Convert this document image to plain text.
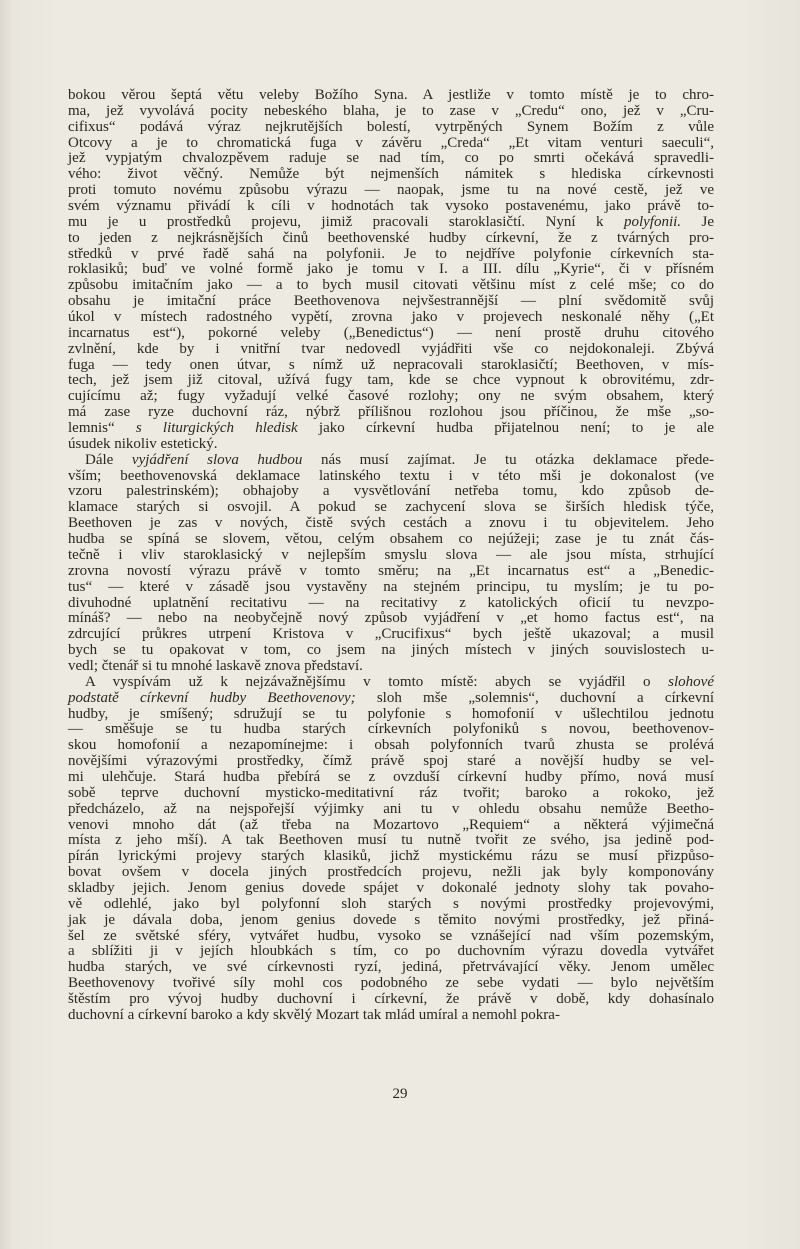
bokou věrou šeptá větu veleby Božího Syna. A jestliže v tomto místě je to chro-
ma, jež vyvolává pocity nebeského blaha, je to zase v „Credu“ ono, jež v „Cru-
cifixus“ podává výraz nejkrutějších bolestí, vytrpěných Synem Božím z vůle
Otcovy a je to chromatická fuga v závěru „Creda“ „Et vitam venturi saeculi“,
jež vypjatým chvalozpěvem raduje se nad tím, co po smrti očekává spravedli-
vého: život věčný. Nemůže být nejmenších námitek s hlediska církevnosti
proti tomuto novému způsobu výrazu — naopak, jsme tu na nové cestě, jež ve
svém významu přivádí k cíli v hodnotách tak vysoko postavenému, jako právě to-
mu je u prostředků projevu, jimiž pracovali staroklasičtí. Nyní k polyfonii. Je
to jeden z nejkrásnějších činů beethovenské hudby církevní, že z tvárných pro-
středků v prvé řadě sahá na polyfonii. Je to nejdříve polyfonie církevních sta-
roklasiků; buď ve volné formě jako je tomu v I. a III. dílu „Kyrie“, či v přísném
způsobu imitačním jako — a to bych musil citovati většinu míst z celé mše; co do
obsahu je imitační práce Beethovenova nejvšestrannější — plní svědomitě svůj
úkol v místech radostného vypětí, zrovna jako v projevech neskonalé něhy („Et
incarnatus est“), pokorné veleby („Benedictus“) — není prostě druhu citového
zvlnění, kde by i vnitřní tvar nedovedl vyjádřiti vše co nejdokonaleji. Zbývá
fuga — tedy onen útvar, s nímž už nepracovali staroklasičtí; Beethoven, v mís-
tech, jež jsem již citoval, užívá fugy tam, kde se chce vypnout k obrovitému, zdr-
cujícímu až; fugy vyžadují velké časové rozlohy; ony ne svým obsahem, který
má zase ryze duchovní ráz, nýbrž přílišnou rozlohou jsou příčinou, že mše „so-
lemnis“ s liturgických hledisk jako církevní hudba přijatelnou není; to je ale
úsudek nikoliv estetický.
Dále vyjádření slova hudbou nás musí zajímat. Je tu otázka deklamace přede-
vším; beethovenovská deklamace latinského textu i v této mši je dokonalost (ve
vzoru palestrinském); obhajoby a vysvětlování netřeba tomu, kdo způsob de-
klamace starých si osvojil. A pokud se zachycení slova se širších hledisk týče,
Beethoven je zas v nových, čistě svých cestách a znovu i tu objevitelem. Jeho
hudba se spíná se slovem, větou, celým obsahem co nejúžeji; zase je tu znát čás-
tečně i vliv staroklasický v nejlepším smyslu slova — ale jsou místa, strhující
zrovna novostí výrazu právě v tomto směru; na „Et incarnatus est“ a „Benedic-
tus“ — které v zásadě jsou vystavěny na stejném principu, tu myslím; je tu po-
divuhodné uplatnění recitativu — na recitativy z katolických oficií tu nevzpo-
mínáš? — nebo na neobyčejně nový způsob vyjádření v „et homo factus est“, na
zdrcující průkres utrpení Kristova v „Crucifixus“ bych ještě ukazoval; a musil
bych se tu opakovat v tom, co jsem na jiných místech v jiných souvislostech u-
vedl; čtenář si tu mnohé laskavě znova představí.
A vyspívám už k nejzávažnějšímu v tomto místě: abych se vyjádřil o slohové
podstatě církevní hudby Beethovenovy; sloh mše „solemnis“, duchovní a církevní
hudby, je smíšený; sdružují se tu polyfonie s homofonií v ušlechtilou jednotu
— směšuje se tu hudba starých církevních polyfoniků s novou, beethovenov-
skou homofonií a nezapomínejme: i obsah polyfonních tvarů zhusta se prolévá
novějšími výrazovými prostředky, čímž právě spoj staré a novější hudby se vel-
mi ulehčuje. Stará hudba přebírá se z ovzduší církevní hudby přímo, nová musí
sobě teprve duchovní mysticko-meditativní ráz tvořit; baroko a rokoko, jež
předcházelo, až na nejspořejší výjimky ani tu v ohledu obsahu nemůže Beetho-
venovi mnoho dát (až třeba na Mozartovo „Requiem“ a některá výjimečná
místa z jeho mší). A tak Beethoven musí tu nutně tvořit ze svého, jsa jedině pod-
pírán lyrickými projevy starých klasiků, jichž mystickému rázu se musí přizpůso-
bovat ovšem v docela jiných prostředcích projevu, nežli jak byly komponovány
skladby jejich. Jenom genius dovede spájet v dokonalé jednoty slohy tak povaho-
vě odlehlé, jako byl polyfonní sloh starých s novými prostředky projevovými,
jak je dávala doba, jenom genius dovede s těmito novými prostředky, jež přiná-
šel ze světské sféry, vytvářet hudbu, vysoko se vznášející nad vším pozemským,
a sblížiti ji v jejích hloubkách s tím, co po duchovním výrazu dovedla vytvářet
hudba starých, ve své církevnosti ryzí, jediná, přetrvávající věky. Jenom umělec
Beethovenovy tvořivé síly mohl cos podobného ze sebe vydati — bylo největším
štěstím pro vývoj hudby duchovní i církevní, že právě v době, kdy dohasínalo
duchovní a církevní baroko a kdy skvělý Mozart tak mlád umíral a nemohl pokra-
29
